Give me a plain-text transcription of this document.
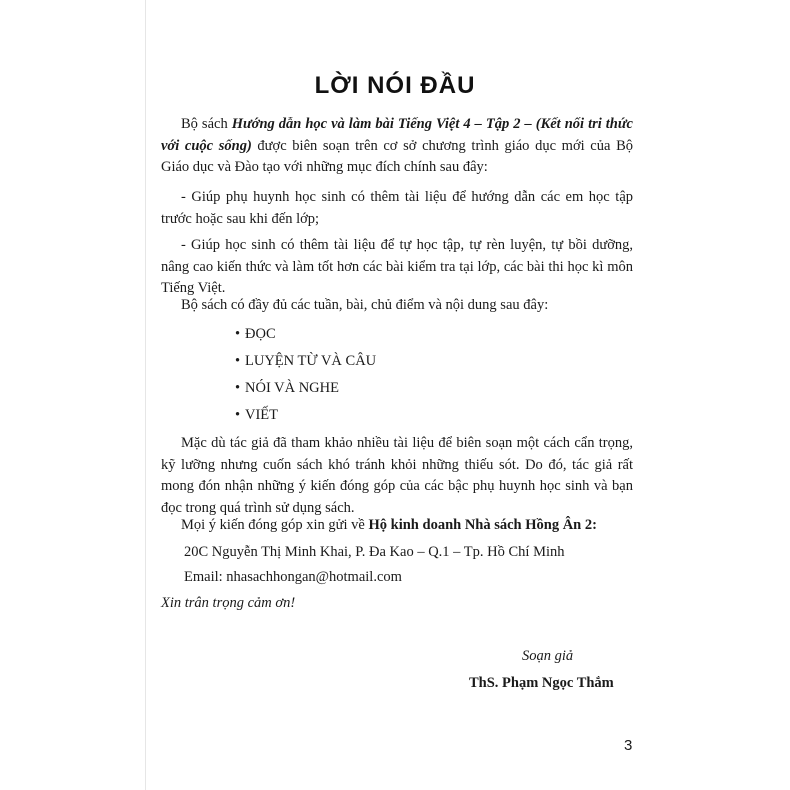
LỜI NÓI ĐẦU

Bộ sách Hướng dẫn học và làm bài Tiếng Việt 4 – Tập 2 – (Kết nối tri thức với cuộc sống) được biên soạn trên cơ sở chương trình giáo dục mới của Bộ Giáo dục và Đào tạo với những mục đích chính sau đây:

- Giúp phụ huynh học sinh có thêm tài liệu để hướng dẫn các em học tập trước hoặc sau khi đến lớp;

- Giúp học sinh có thêm tài liệu để tự học tập, tự rèn luyện, tự bồi dưỡng, nâng cao kiến thức và làm tốt hơn các bài kiểm tra tại lớp, các bài thi học kì môn Tiếng Việt.

Bộ sách có đầy đủ các tuần, bài, chủ điểm và nội dung sau đây:

• ĐỌC
• LUYỆN TỪ VÀ CÂU
• NÓI VÀ NGHE
• VIẾT

Mặc dù tác giả đã tham khảo nhiều tài liệu để biên soạn một cách cẩn trọng, kỹ lưỡng nhưng cuốn sách khó tránh khỏi những thiếu sót. Do đó, tác giả rất mong đón nhận những ý kiến đóng góp của các bậc phụ huynh học sinh và bạn đọc trong quá trình sử dụng sách.

Mọi ý kiến đóng góp xin gửi về Hộ kinh doanh Nhà sách Hồng Ân 2:
20C Nguyễn Thị Minh Khai, P. Đa Kao – Q.1 – Tp. Hồ Chí Minh
Email: nhasachhongan@hotmail.com
Xin trân trọng cảm ơn!
Soạn giả
ThS. Phạm Ngọc Thắm
3
